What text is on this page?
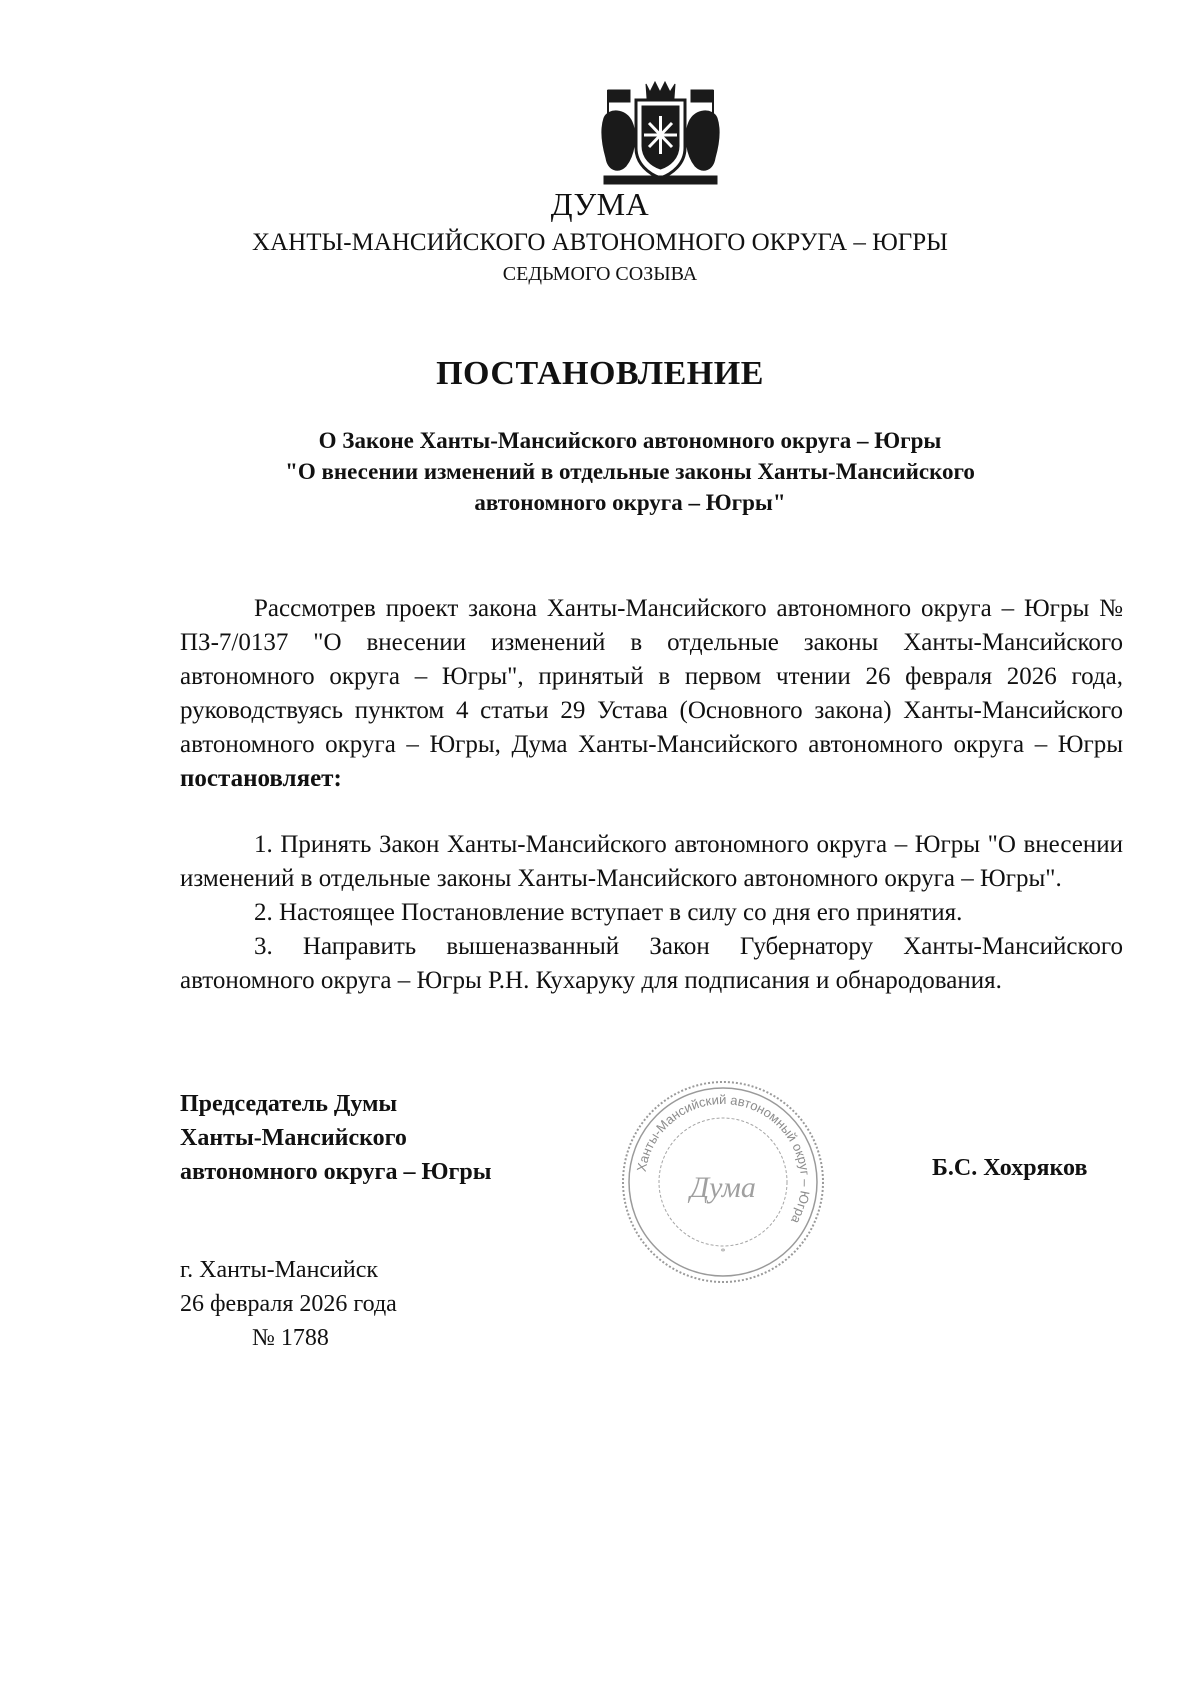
ДУМА
ХАНТЫ-МАНСИЙСКОГО АВТОНОМНОГО ОКРУГА – ЮГРЫ
СЕДЬМОГО СОЗЫВА
ПОСТАНОВЛЕНИЕ
О Законе Ханты-Мансийского автономного округа – Югры
"О внесении изменений в отдельные законы Ханты-Мансийского
автономного округа – Югры"
Рассмотрев проект закона Ханты-Мансийского автономного округа – Югры № ПЗ-7/0137 "О внесении изменений в отдельные законы Ханты-Мансийского автономного округа – Югры", принятый в первом чтении 26 февраля 2026 года, руководствуясь пунктом 4 статьи 29 Устава (Основного закона) Ханты-Мансийского автономного округа – Югры, Дума Ханты-Мансийского автономного округа – Югры постановляет:

1. Принять Закон Ханты-Мансийского автономного округа – Югры "О внесении изменений в отдельные законы Ханты-Мансийского автономного округа – Югры".

2. Настоящее Постановление вступает в силу со дня его принятия.

3. Направить вышеназванный Закон Губернатору Ханты-Мансийского автономного округа – Югры Р.Н. Кухаруку для подписания и обнародования.

Председатель Думы
Ханты-Мансийского
автономного округа – Югры	Ханты-Мансийский автономный округ – Югра
Дума
*
Б.С. Хохряков
г. Ханты-Мансийск
26 февраля 2026 года
№ 1788
